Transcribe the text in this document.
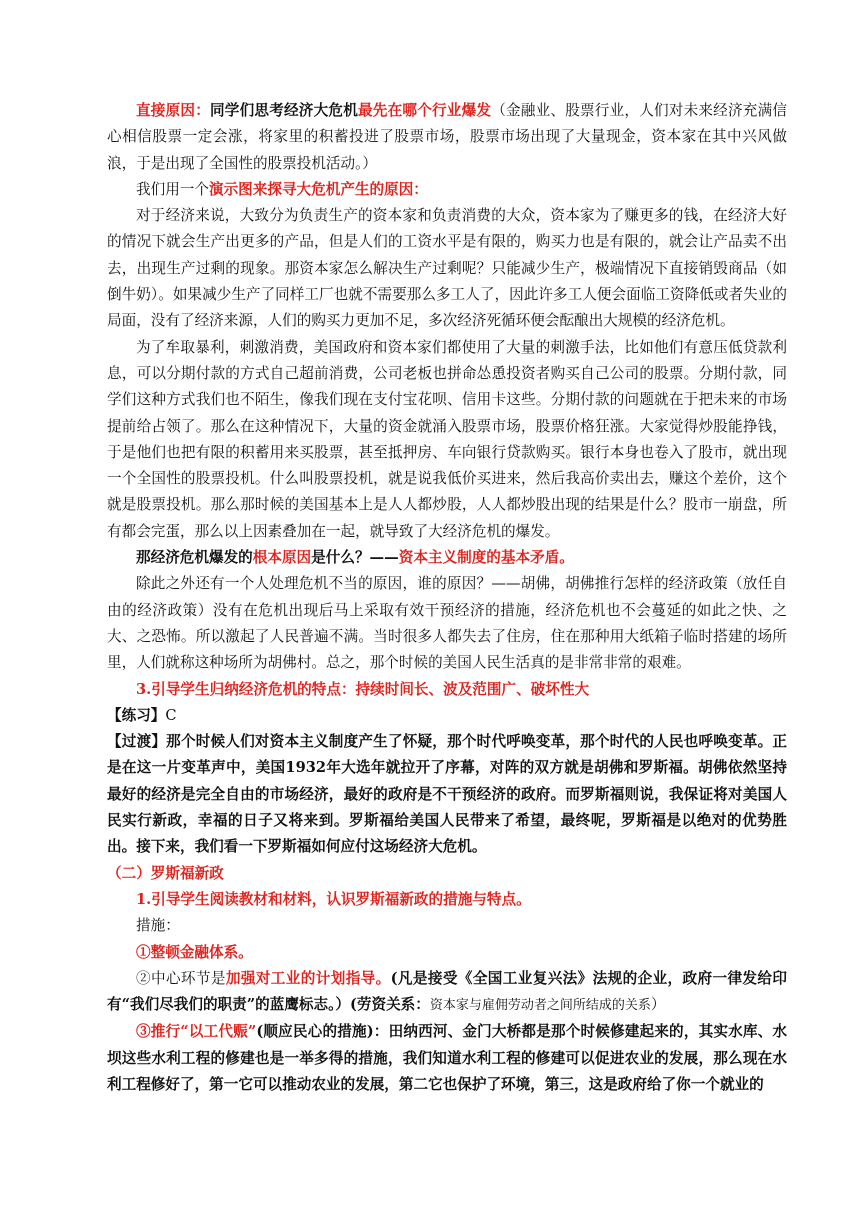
直接原因：同学们思考经济大危机最先在哪个行业爆发（金融业、股票行业，人们对未来经济充满信心相信股票一定会涨，将家里的积蓄投进了股票市场，股票市场出现了大量现金，资本家在其中兴风做浪，于是出现了全国性的股票投机活动。）

我们用一个演示图来探寻大危机产生的原因：

对于经济来说，大致分为负责生产的资本家和负责消费的大众，资本家为了赚更多的钱，在经济大好的情况下就会生产出更多的产品，但是人们的工资水平是有限的，购买力也是有限的，就会让产品卖不出去，出现生产过剩的现象。那资本家怎么解决生产过剩呢？只能减少生产，极端情况下直接销毁商品（如倒牛奶）。如果减少生产了同样工厂也就不需要那么多工人了，因此许多工人便会面临工资降低或者失业的局面，没有了经济来源，人们的购买力更加不足，多次经济死循环便会酝酿出大规模的经济危机。

为了牟取暴利，刺激消费，美国政府和资本家们都使用了大量的刺激手法，比如他们有意压低贷款利息，可以分期付款的方式自己超前消费，公司老板也拼命怂恿投资者购买自己公司的股票。分期付款，同学们这种方式我们也不陌生，像我们现在支付宝花呗、信用卡这些。分期付款的问题就在于把未来的市场提前给占领了。那么在这种情况下，大量的资金就涌入股票市场，股票价格狂涨。大家觉得炒股能挣钱，于是他们也把有限的积蓄用来买股票，甚至抵押房、车向银行贷款购买。银行本身也卷入了股市，就出现一个全国性的股票投机。什么叫股票投机，就是说我低价买进来，然后我高价卖出去，赚这个差价，这个就是股票投机。那么那时候的美国基本上是人人都炒股，人人都炒股出现的结果是什么？股市一崩盘，所有都会完蛋，那么以上因素叠加在一起，就导致了大经济危机的爆发。

那经济危机爆发的根本原因是什么？——资本主义制度的基本矛盾。

除此之外还有一个人处理危机不当的原因，谁的原因？——胡佛，胡佛推行怎样的经济政策（放任自由的经济政策）没有在危机出现后马上采取有效干预经济的措施，经济危机也不会蔓延的如此之快、之大、之恐怖。所以激起了人民普遍不满。当时很多人都失去了住房，住在那种用大纸箱子临时搭建的场所里，人们就称这种场所为胡佛村。总之，那个时候的美国人民生活真的是非常非常的艰难。

3.引导学生归纳经济危机的特点：持续时间长、波及范围广、破坏性大

【练习】C

【过渡】那个时候人们对资本主义制度产生了怀疑，那个时代呼唤变革，那个时代的人民也呼唤变革。正是在这一片变革声中，美国1932年大选年就拉开了序幕，对阵的双方就是胡佛和罗斯福。胡佛依然坚持最好的经济是完全自由的市场经济，最好的政府是不干预经济的政府。而罗斯福则说，我保证将对美国人民实行新政，幸福的日子又将来到。罗斯福给美国人民带来了希望，最终呢，罗斯福是以绝对的优势胜出。接下来，我们看一下罗斯福如何应付这场经济大危机。

（二）罗斯福新政

1.引导学生阅读教材和材料，认识罗斯福新政的措施与特点。

措施：

①整顿金融体系。

②中心环节是加强对工业的计划指导。(凡是接受《全国工业复兴法》法规的企业，政府一律发给印有“我们尽我们的职责”的蓝鹰标志。）(劳资关系：资本家与雇佣劳动者之间所结成的关系）

③推行“以工代赈”(顺应民心的措施)：田纳西河、金门大桥都是那个时候修建起来的，其实水库、水坝这些水利工程的修建也是一举多得的措施，我们知道水利工程的修建可以促进农业的发展，那么现在水利工程修好了，第一它可以推动农业的发展，第二它也保护了环境，第三，这是政府给了你一个就业的
